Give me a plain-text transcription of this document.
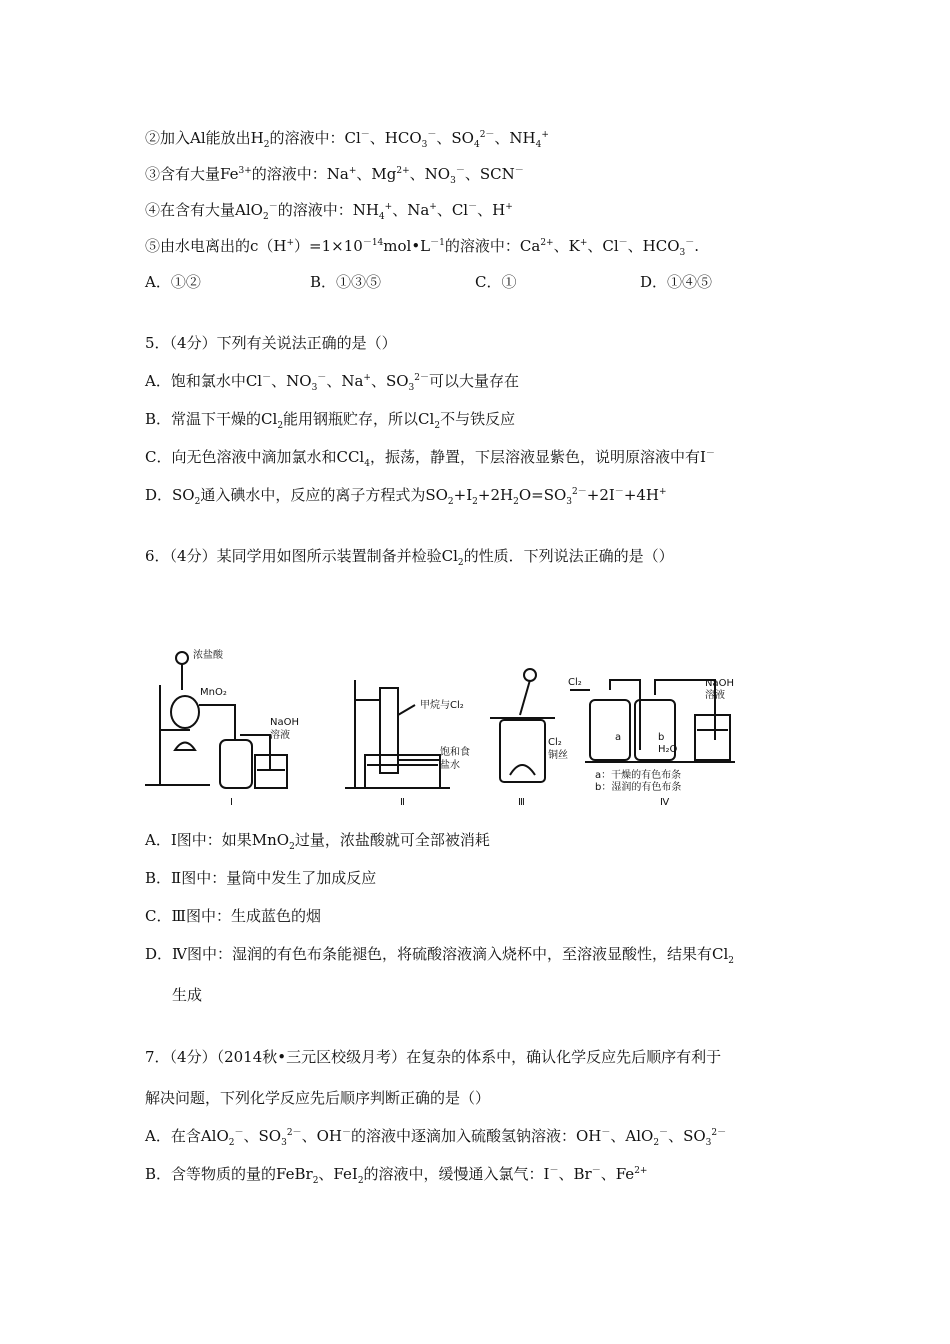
②加入Al能放出$H_2$的溶液中：Cl－、$HCO_3^-$、$SO_4^{2-}$、$NH_4^+$
③含有大量$Fe^{3+}$的溶液中：Na+、$Mg^{2+}$、$NO_3^-$、SCN－
④在含有大量AlO$_2$－的溶液中：$NH_4^+$、Na+、Cl－、H+
⑤由水电离出的$c(H^+)=1\times 10^{-14}mol•L^{-1}$的溶液中：$Ca^{2+}$、K+、Cl－、$HCO_3^-$.
A．①②	B．①③⑤	C．①	D．①④⑤
5．（4分）下列有关说法正确的是（）
A．饱和氯水中Cl－、$NO_3^-$、Na+、$SO_3^{2-}$可以大量存在
B．常温下干燥的$Cl_2$能用钢瓶贮存，所以$Cl_2$不与铁反应
C．向无色溶液中滴加氯水和CCl$_4$，振荡，静置，下层溶液显紫色，说明原溶液中有I－
D．$SO_2$通入碘水中，反应的离子方程式为$SO_2+I_2+2H_2O=SO_3^{2-}+2I^-+4H^+$
6．（4分）某同学用如图所示装置制备并检验$Cl_2$的性质．下列说法正确的是（）
浓盐酸
MnO₂
NaOH
溶液
Ⅰ
甲烷与Cl₂
饱和食
盐水
Ⅱ
Cl₂
铜丝
Ⅲ
Cl₂	NaOH
溶液
a	b
H₂O
a：干燥的有色布条
b：湿润的有色布条
Ⅳ
A．Ⅰ图中：如果MnO$_2$过量，浓盐酸就可全部被消耗
B．Ⅱ图中：量筒中发生了加成反应
C．Ⅲ图中：生成蓝色的烟
D．Ⅳ图中：湿润的有色布条能褪色，将硫酸溶液滴入烧杯中，至溶液显酸性，结果有$Cl_2$
生成
7．（4分）（2014秋•三元区校级月考）在复杂的体系中，确认化学反应先后顺序有利于
解决问题，下列化学反应先后顺序判断正确的是（）
A．在含AlO$_2$－、$SO_3^{2-}$、OH－的溶液中逐滴加入硫酸氢钠溶液：OH－、AlO$_2$－、$SO_3^{2-}$
B．含等物质的量的FeBr$_2$、FeI$_2$的溶液中，缓慢通入氯气：I－、Br－、$Fe^{2+}$
